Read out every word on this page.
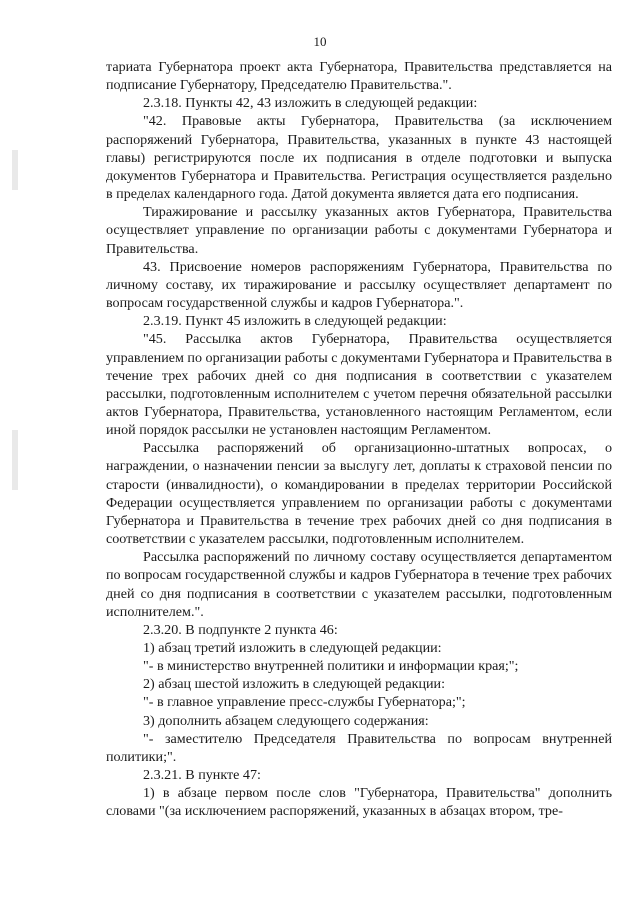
10

тариата Губернатора проект акта Губернатора, Правительства представляется на подписание Губернатору, Председателю Правительства.".

2.3.18. Пункты 42, 43 изложить в следующей редакции:

"42. Правовые акты Губернатора, Правительства (за исключением распоряжений Губернатора, Правительства, указанных в пункте 43 настоящей главы) регистрируются после их подписания в отделе подготовки и выпуска документов Губернатора и Правительства. Регистрация осуществляется раздельно в пределах календарного года. Датой документа является дата его подписания.

Тиражирование и рассылку указанных актов Губернатора, Правительства осуществляет управление по организации работы с документами Губернатора и Правительства.

43. Присвоение номеров распоряжениям Губернатора, Правительства по личному составу, их тиражирование и рассылку осуществляет департамент по вопросам государственной службы и кадров Губернатора.".

2.3.19. Пункт 45 изложить в следующей редакции:

"45. Рассылка актов Губернатора, Правительства осуществляется управлением по организации работы с документами Губернатора и Правительства в течение трех рабочих дней со дня подписания в соответствии с указателем рассылки, подготовленным исполнителем с учетом перечня обязательной рассылки актов Губернатора, Правительства, установленного настоящим Регламентом, если иной порядок рассылки не установлен настоящим Регламентом.

Рассылка распоряжений об организационно-штатных вопросах, о награждении, о назначении пенсии за выслугу лет, доплаты к страховой пенсии по старости (инвалидности), о командировании в пределах территории Российской Федерации осуществляется управлением по организации работы с документами Губернатора и Правительства в течение трех рабочих дней со дня подписания в соответствии с указателем рассылки, подготовленным исполнителем.

Рассылка распоряжений по личному составу осуществляется департаментом по вопросам государственной службы и кадров Губернатора в течение трех рабочих дней со дня подписания в соответствии с указателем рассылки, подготовленным исполнителем.".

2.3.20. В подпункте 2 пункта 46:

1) абзац третий изложить в следующей редакции:

"- в министерство внутренней политики и информации края;";

2) абзац шестой изложить в следующей редакции:

"- в главное управление пресс-службы Губернатора;";

3) дополнить абзацем следующего содержания:

"- заместителю Председателя Правительства по вопросам внутренней политики;".

2.3.21. В пункте 47:

1) в абзаце первом после слов "Губернатора, Правительства" дополнить словами "(за исключением распоряжений, указанных в абзацах втором, тре-
